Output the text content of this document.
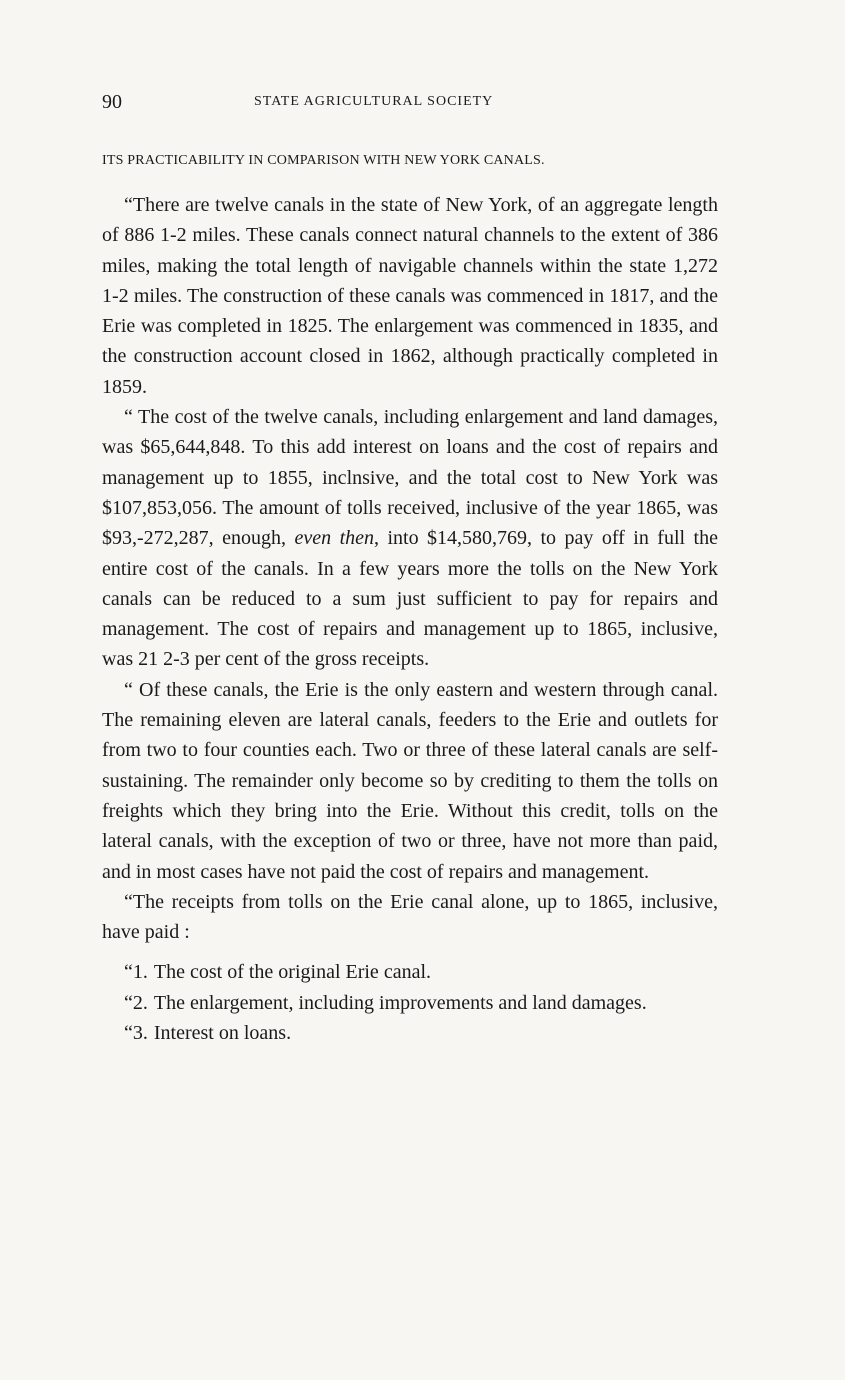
90	STATE AGRICULTURAL SOCIETY
ITS PRACTICABILITY IN COMPARISON WITH NEW YORK CANALS.

“There are twelve canals in the state of New York, of an aggregate length of 886 1-2 miles. These canals connect natural channels to the extent of 386 miles, making the total length of navigable channels within the state 1,272 1-2 miles. The construction of these canals was commenced in 1817, and the Erie was completed in 1825. The enlargement was commenced in 1835, and the construction account closed in 1862, although practically completed in 1859.

“ The cost of the twelve canals, including enlargement and land damages, was $65,644,848. To this add interest on loans and the cost of repairs and management up to 1855, inclnsive, and the total cost to New York was $107,853,056. The amount of tolls received, inclusive of the year 1865, was $93,-272,287, enough, even then, into $14,580,769, to pay off in full the entire cost of the canals. In a few years more the tolls on the New York canals can be reduced to a sum just sufficient to pay for repairs and management. The cost of repairs and management up to 1865, inclusive, was 21 2-3 per cent of the gross receipts.

“ Of these canals, the Erie is the only eastern and western through canal. The remaining eleven are lateral canals, feeders to the Erie and outlets for from two to four counties each. Two or three of these lateral canals are self-sustaining. The remainder only become so by crediting to them the tolls on freights which they bring into the Erie. Without this credit, tolls on the lateral canals, with the exception of two or three, have not more than paid, and in most cases have not paid the cost of repairs and management.

“The receipts from tolls on the Erie canal alone, up to 1865, inclusive, have paid :

“1. The cost of the original Erie canal.

“2. The enlargement, including improvements and land damages.

“3. Interest on loans.
